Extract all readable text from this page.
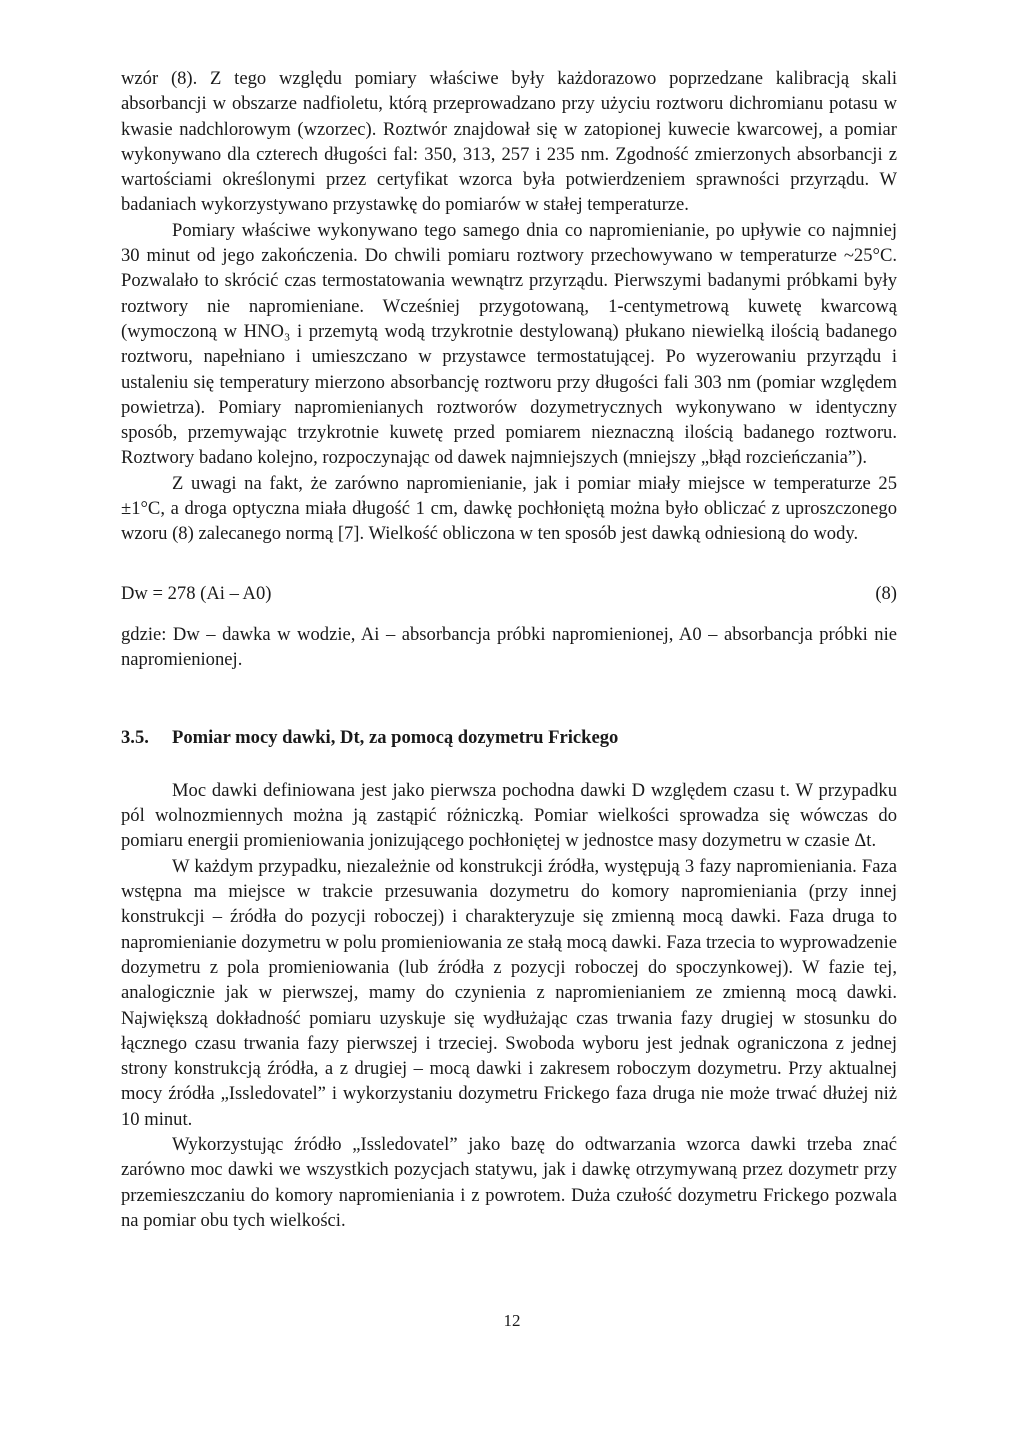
wzór (8). Z tego względu pomiary właściwe były każdorazowo poprzedzane kalibracją skali absorbancji w obszarze nadfioletu, którą przeprowadzano przy użyciu roztworu dichromianu potasu w kwasie nadchlorowym (wzorzec). Roztwór znajdował się w zatopionej kuwecie kwarcowej, a pomiar wykonywano dla czterech długości fal: 350, 313, 257 i 235 nm. Zgodność zmierzonych absorbancji z wartościami określonymi przez certyfikat wzorca była potwierdzeniem sprawności przyrządu. W badaniach wykorzystywano przystawkę do pomiarów w stałej temperaturze.

Pomiary właściwe wykonywano tego samego dnia co napromienianie, po upływie co najmniej 30 minut od jego zakończenia. Do chwili pomiaru roztwory przechowywano w temperaturze ~25°C. Pozwalało to skrócić czas termostatowania wewnątrz przyrządu. Pierwszymi badanymi próbkami były roztwory nie napromieniane. Wcześniej przygotowaną, 1-centymetrową kuwetę kwarcową (wymoczoną w HNO₃ i przemytą wodą trzykrotnie destylowaną) płukano niewielką ilością badanego roztworu, napełniano i umieszczano w przystawce termostatującej. Po wyzerowaniu przyrządu i ustaleniu się temperatury mierzono absorbancję roztworu przy długości fali 303 nm (pomiar względem powietrza). Pomiary napromienianych roztworów dozymetrycznych wykonywano w identyczny sposób, przemywając trzykrotnie kuwetę przed pomiarem nieznaczną ilością badanego roztworu. Roztwory badano kolejno, rozpoczynając od dawek najmniejszych (mniejszy „błąd rozcieńczania”).

Z uwagi na fakt, że zarówno napromienianie, jak i pomiar miały miejsce w temperaturze 25 ±1°C, a droga optyczna miała długość 1 cm, dawkę pochłoniętą można było obliczać z uproszczonego wzoru (8) zalecanego normą [7]. Wielkość obliczona w ten sposób jest dawką odniesioną do wody.

Dw = 278 (Ai – A0)	(8)

gdzie: Dw – dawka w wodzie, Ai – absorbancja próbki napromienionej, A0 – absorbancja próbki nie napromienionej.

3.5.	Pomiar mocy dawki, Dt, za pomocą dozymetru Frickego

Moc dawki definiowana jest jako pierwsza pochodna dawki D względem czasu t. W przypadku pól wolnozmiennych można ją zastąpić różniczką. Pomiar wielkości sprowadza się wówczas do pomiaru energii promieniowania jonizującego pochłoniętej w jednostce masy dozymetru w czasie Δt.

W każdym przypadku, niezależnie od konstrukcji źródła, występują 3 fazy napromieniania. Faza wstępna ma miejsce w trakcie przesuwania dozymetru do komory napromieniania (przy innej konstrukcji – źródła do pozycji roboczej) i charakteryzuje się zmienną mocą dawki. Faza druga to napromienianie dozymetru w polu promieniowania ze stałą mocą dawki. Faza trzecia to wyprowadzenie dozymetru z pola promieniowania (lub źródła z pozycji roboczej do spoczynkowej). W fazie tej, analogicznie jak w pierwszej, mamy do czynienia z napromienianiem ze zmienną mocą dawki. Największą dokładność pomiaru uzyskuje się wydłużając czas trwania fazy drugiej w stosunku do łącznego czasu trwania fazy pierwszej i trzeciej. Swoboda wyboru jest jednak ograniczona z jednej strony konstrukcją źródła, a z drugiej – mocą dawki i zakresem roboczym dozymetru. Przy aktualnej mocy źródła „Issledovatel” i wykorzystaniu dozymetru Frickego faza druga nie może trwać dłużej niż 10 minut.

Wykorzystując źródło „Issledovatel” jako bazę do odtwarzania wzorca dawki trzeba znać zarówno moc dawki we wszystkich pozycjach statywu, jak i dawkę otrzymywaną przez dozymetr przy przemieszczaniu do komory napromieniania i z powrotem. Duża czułość dozymetru Frickego pozwala na pomiar obu tych wielkości.

12
